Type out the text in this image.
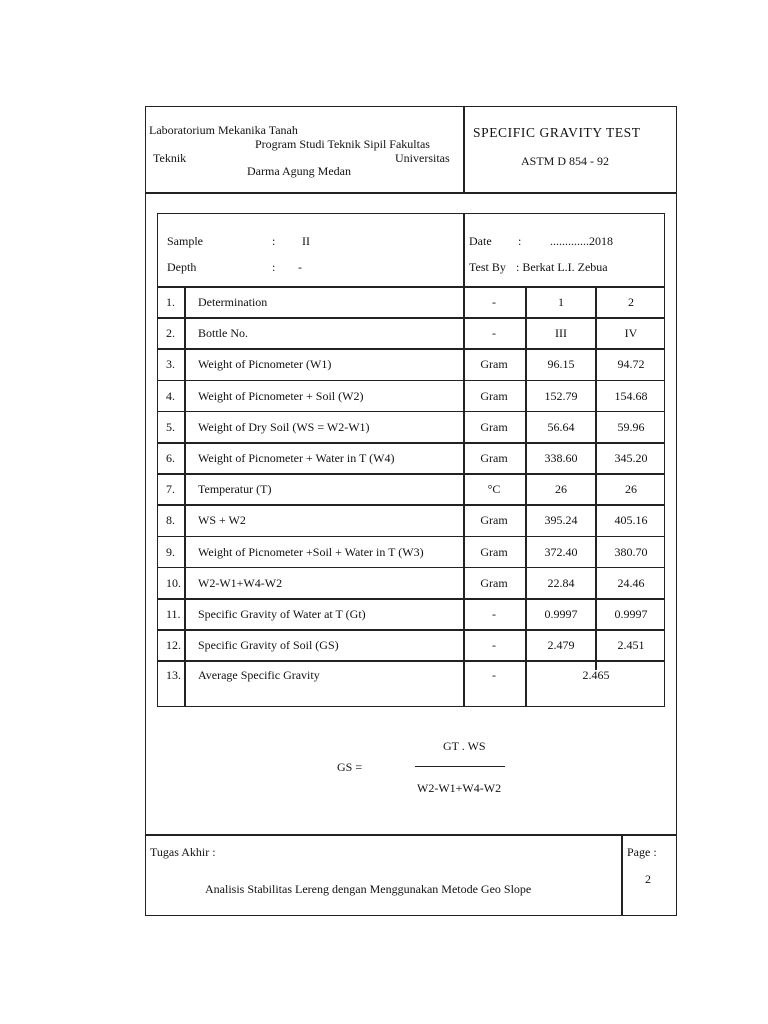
Laboratorium Mekanika Tanah
Program Studi Teknik Sipil Fakultas
Teknik	Universitas
Darma Agung Medan
SPECIFIC GRAVITY TEST
ASTM D 854 - 92
Sample	: II
Depth	: -
Date : .............2018
Test By : Berkat L.I. Zebua
1. Determination	-	1	2
2. Bottle No.	-	III	IV
3. Weight of Picnometer (W1)	Gram	96.15	94.72
4. Weight of Picnometer + Soil (W2)	Gram	152.79	154.68
5. Weight of Dry Soil (WS = W2-W1)	Gram	56.64	59.96
6. Weight of Picnometer + Water in T (W4)	Gram	338.60	345.20
7. Temperatur (T)	°C	26	26
8. WS + W2	Gram	395.24	405.16
9. Weight of Picnometer +Soil + Water in T (W3)	Gram	372.40	380.70
10. W2-W1+W4-W2	Gram	22.84	24.46
11. Specific Gravity of Water at T (Gt)	-	0.9997	0.9997
12. Specific Gravity of Soil (GS)	-	2.479	2.451
13. Average Specific Gravity	-	2.465
GS =
GT . WS
W2-W1+W4-W2
Tugas Akhir :
Analisis Stabilitas Lereng dengan Menggunakan Metode Geo Slope
Page :
2
